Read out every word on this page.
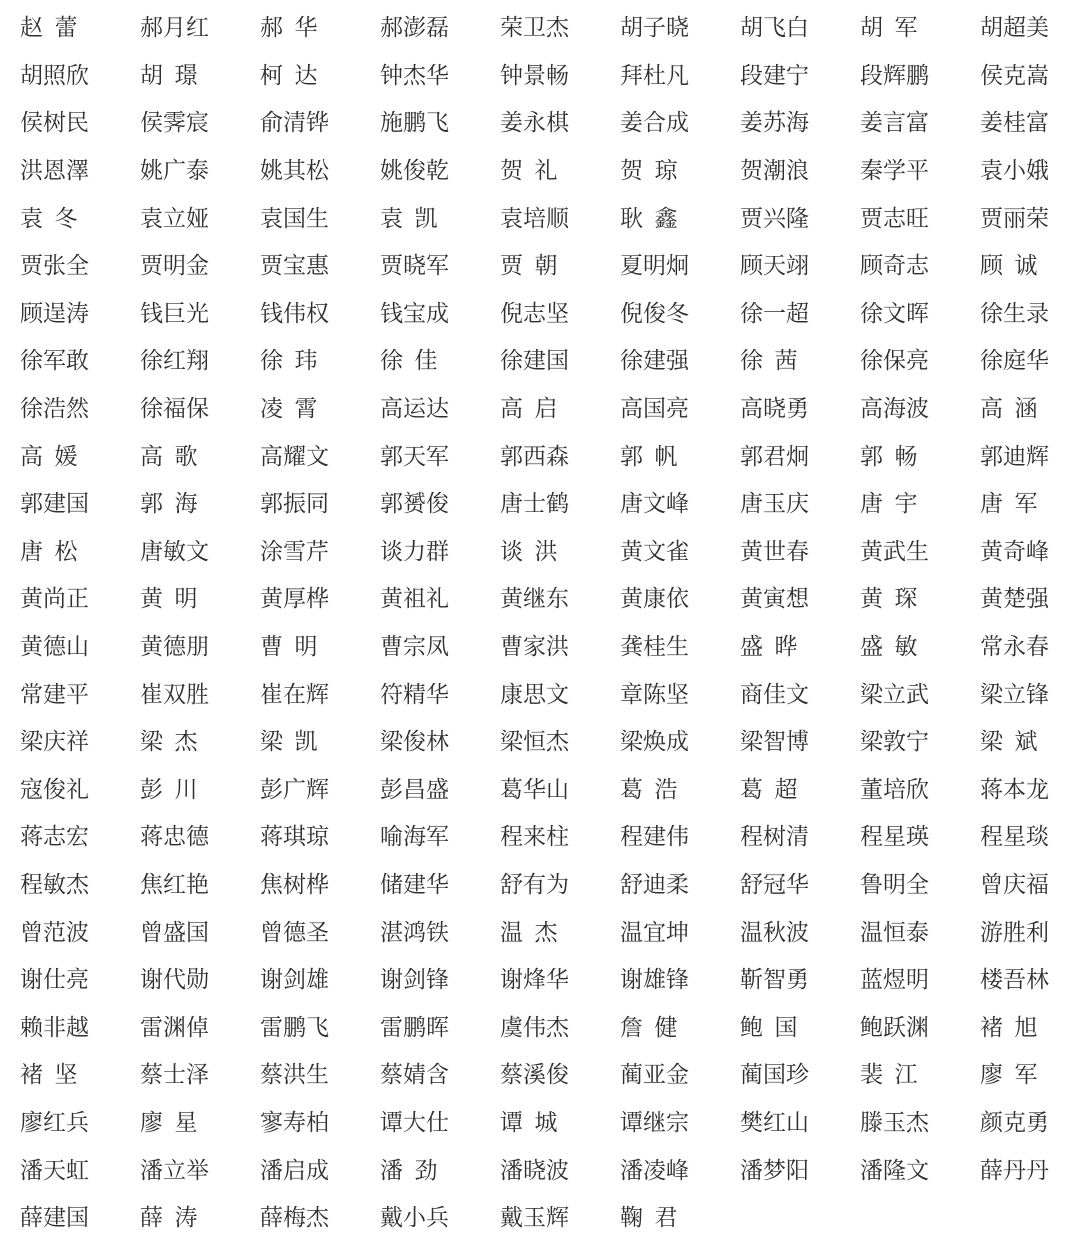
赵蕾	郝月红	郝华	郝澎磊	荣卫杰	胡子晓	胡飞白	胡军	胡超美
胡照欣	胡璟	柯达	钟杰华	钟景畅	拜杜凡	段建宁	段辉鹏	侯克嵩
侯树民	侯霁宸	俞清铧	施鹏飞	姜永棋	姜合成	姜苏海	姜言富	姜桂富
洪恩澤	姚广泰	姚其松	姚俊乾	贺礼	贺琼	贺潮浪	秦学平	袁小娥
袁冬	袁立娅	袁国生	袁凯	袁培顺	耿鑫	贾兴隆	贾志旺	贾丽荣
贾张全	贾明金	贾宝惠	贾晓军	贾朝	夏明炯	顾天翊	顾奇志	顾诚
顾逞涛	钱巨光	钱伟权	钱宝成	倪志坚	倪俊冬	徐一超	徐文晖	徐生录
徐军敢	徐红翔	徐玮	徐佳	徐建国	徐建强	徐茜	徐保亮	徐庭华
徐浩然	徐福保	凌霄	高运达	高启	高国亮	高晓勇	高海波	高涵
高媛	高歌	高耀文	郭天军	郭西森	郭帆	郭君炯	郭畅	郭迪辉
郭建国	郭海	郭振同	郭赟俊	唐士鹤	唐文峰	唐玉庆	唐宇	唐军
唐松	唐敏文	涂雪芹	谈力群	谈洪	黄文雀	黄世春	黄武生	黄奇峰
黄尚正	黄明	黄厚桦	黄祖礼	黄继东	黄康依	黄寅想	黄琛	黄楚强
黄德山	黄德朋	曹明	曹宗凤	曹家洪	龚桂生	盛晔	盛敏	常永春
常建平	崔双胜	崔在辉	符精华	康思文	章陈坚	商佳文	梁立武	梁立锋
梁庆祥	梁杰	梁凯	梁俊林	梁恒杰	梁焕成	梁智博	梁敦宁	梁斌
寇俊礼	彭川	彭广辉	彭昌盛	葛华山	葛浩	葛超	董培欣	蒋本龙
蒋志宏	蒋忠德	蒋琪琼	喻海军	程来柱	程建伟	程树清	程星瑛	程星琰
程敏杰	焦红艳	焦树桦	储建华	舒有为	舒迪柔	舒冠华	鲁明全	曾庆福
曾范波	曾盛国	曾德圣	湛鸿铁	温杰	温宜坤	温秋波	温恒泰	游胜利
谢仕亮	谢代勋	谢剑雄	谢剑锋	谢烽华	谢雄锋	靳智勇	蓝煜明	楼吾林
赖非越	雷渊倬	雷鹏飞	雷鹏晖	虞伟杰	詹健	鲍国	鲍跃渊	褚旭
褚坚	蔡士泽	蔡洪生	蔡婧含	蔡溪俊	蔺亚金	蔺国珍	裴江	廖军
廖红兵	廖星	寥寿柏	谭大仕	谭城	谭继宗	樊红山	滕玉杰	颜克勇
潘天虹	潘立举	潘启成	潘劲	潘晓波	潘凌峰	潘梦阳	潘隆文	薛丹丹
薛建国	薛涛	薛梅杰	戴小兵	戴玉辉	鞠君
